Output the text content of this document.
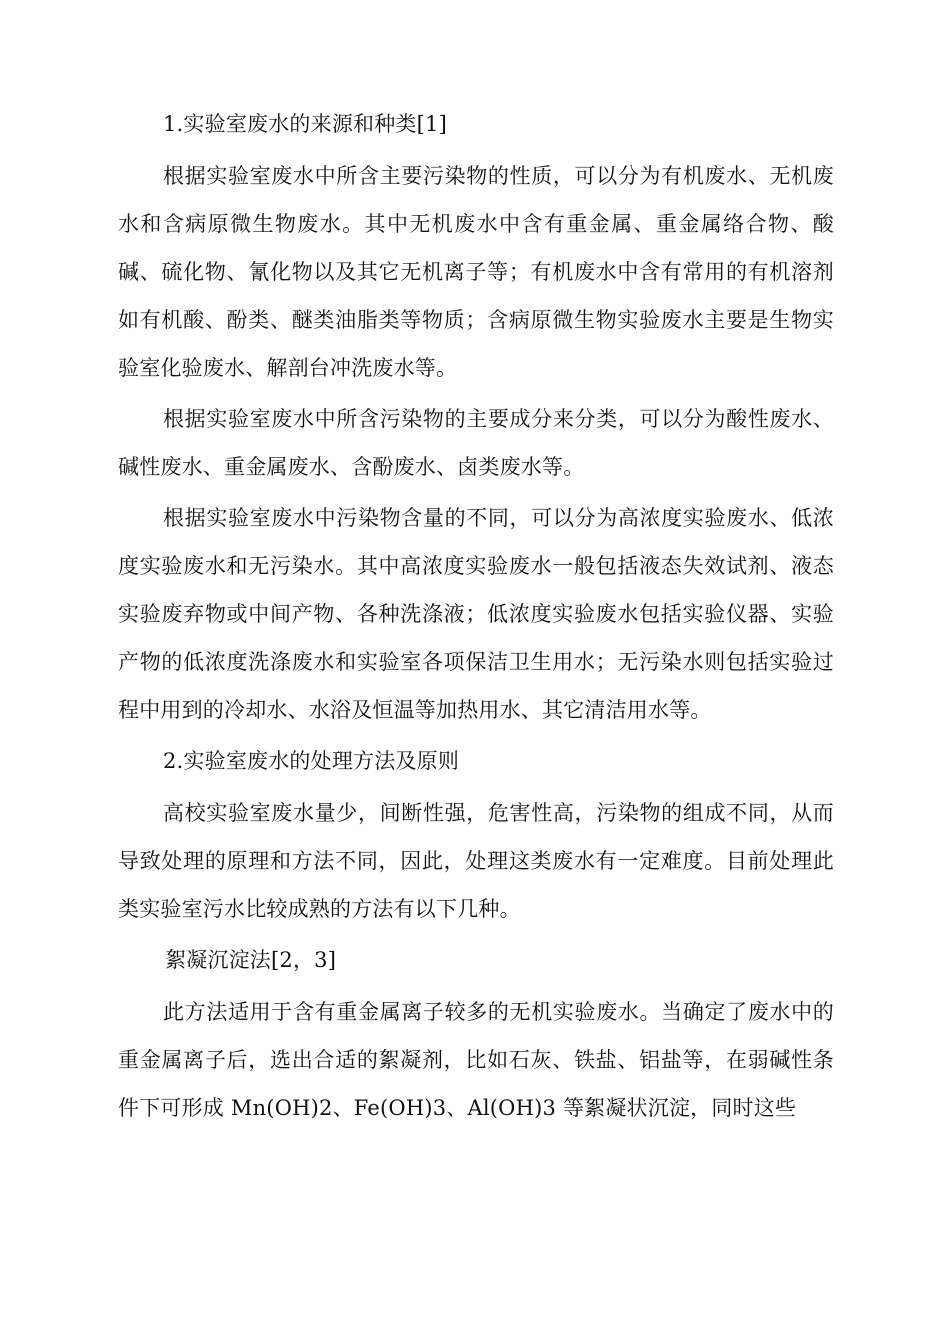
1.实验室废水的来源和种类[1]

根据实验室废水中所含主要污染物的性质，可以分为有机废水、无机废水和含病原微生物废水。其中无机废水中含有重金属、重金属络合物、酸碱、硫化物、氰化物以及其它无机离子等；有机废水中含有常用的有机溶剂如有机酸、酚类、醚类油脂类等物质；含病原微生物实验废水主要是生物实验室化验废水、解剖台冲洗废水等。

根据实验室废水中所含污染物的主要成分来分类，可以分为酸性废水、碱性废水、重金属废水、含酚废水、卤类废水等。

根据实验室废水中污染物含量的不同，可以分为高浓度实验废水、低浓度实验废水和无污染水。其中高浓度实验废水一般包括液态失效试剂、液态实验废弃物或中间产物、各种洗涤液；低浓度实验废水包括实验仪器、实验产物的低浓度洗涤废水和实验室各项保洁卫生用水；无污染水则包括实验过程中用到的冷却水、水浴及恒温等加热用水、其它清洁用水等。

2.实验室废水的处理方法及原则

高校实验室废水量少，间断性强，危害性高，污染物的组成不同，从而导致处理的原理和方法不同，因此，处理这类废水有一定难度。目前处理此类实验室污水比较成熟的方法有以下几种。

絮凝沉淀法[2，3]

此方法适用于含有重金属离子较多的无机实验废水。当确定了废水中的重金属离子后，选出合适的絮凝剂，比如石灰、铁盐、铝盐等，在弱碱性条件下可形成 Mn(OH)2、Fe(OH)3、Al(OH)3 等絮凝状沉淀，同时这些
